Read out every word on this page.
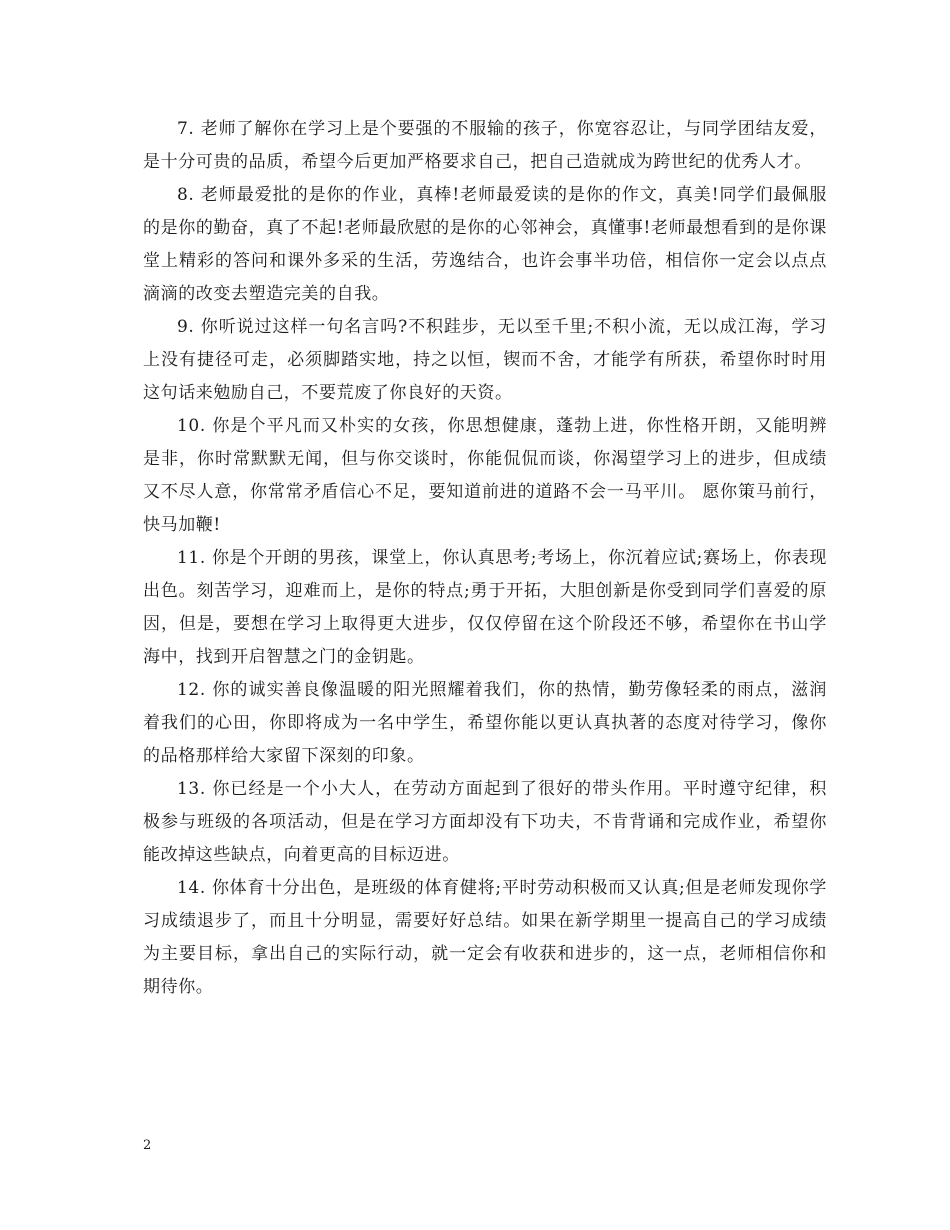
7. 老师了解你在学习上是个要强的不服输的孩子，你宽容忍让，与同学团结友爱，是十分可贵的品质，希望今后更加严格要求自己，把自己造就成为跨世纪的优秀人才。

8. 老师最爱批的是你的作业，真棒!老师最爱读的是你的作文，真美!同学们最佩服的是你的勤奋，真了不起!老师最欣慰的是你的心邻神会，真懂事!老师最想看到的是你课堂上精彩的答问和课外多采的生活，劳逸结合，也许会事半功倍，相信你一定会以点点滴滴的改变去塑造完美的自我。

9. 你听说过这样一句名言吗?不积跬步，无以至千里;不积小流，无以成江海，学习上没有捷径可走，必须脚踏实地，持之以恒，锲而不舍，才能学有所获，希望你时时用这句话来勉励自己，不要荒废了你良好的天资。

10. 你是个平凡而又朴实的女孩，你思想健康，蓬勃上进，你性格开朗，又能明辨是非，你时常默默无闻，但与你交谈时，你能侃侃而谈，你渴望学习上的进步，但成绩又不尽人意，你常常矛盾信心不足，要知道前进的道路不会一马平川。 愿你策马前行，快马加鞭!

11. 你是个开朗的男孩，课堂上，你认真思考;考场上，你沉着应试;赛场上，你表现出色。刻苦学习，迎难而上，是你的特点;勇于开拓，大胆创新是你受到同学们喜爱的原因，但是，要想在学习上取得更大进步，仅仅停留在这个阶段还不够，希望你在书山学海中，找到开启智慧之门的金钥匙。

12. 你的诚实善良像温暖的阳光照耀着我们，你的热情，勤劳像轻柔的雨点，滋润着我们的心田，你即将成为一名中学生，希望你能以更认真执著的态度对待学习，像你的品格那样给大家留下深刻的印象。

13. 你已经是一个小大人，在劳动方面起到了很好的带头作用。平时遵守纪律，积极参与班级的各项活动，但是在学习方面却没有下功夫，不肯背诵和完成作业，希望你能改掉这些缺点，向着更高的目标迈进。

14. 你体育十分出色，是班级的体育健将;平时劳动积极而又认真;但是老师发现你学习成绩退步了，而且十分明显，需要好好总结。如果在新学期里一提高自己的学习成绩为主要目标，拿出自己的实际行动，就一定会有收获和进步的，这一点，老师相信你和期待你。

2
